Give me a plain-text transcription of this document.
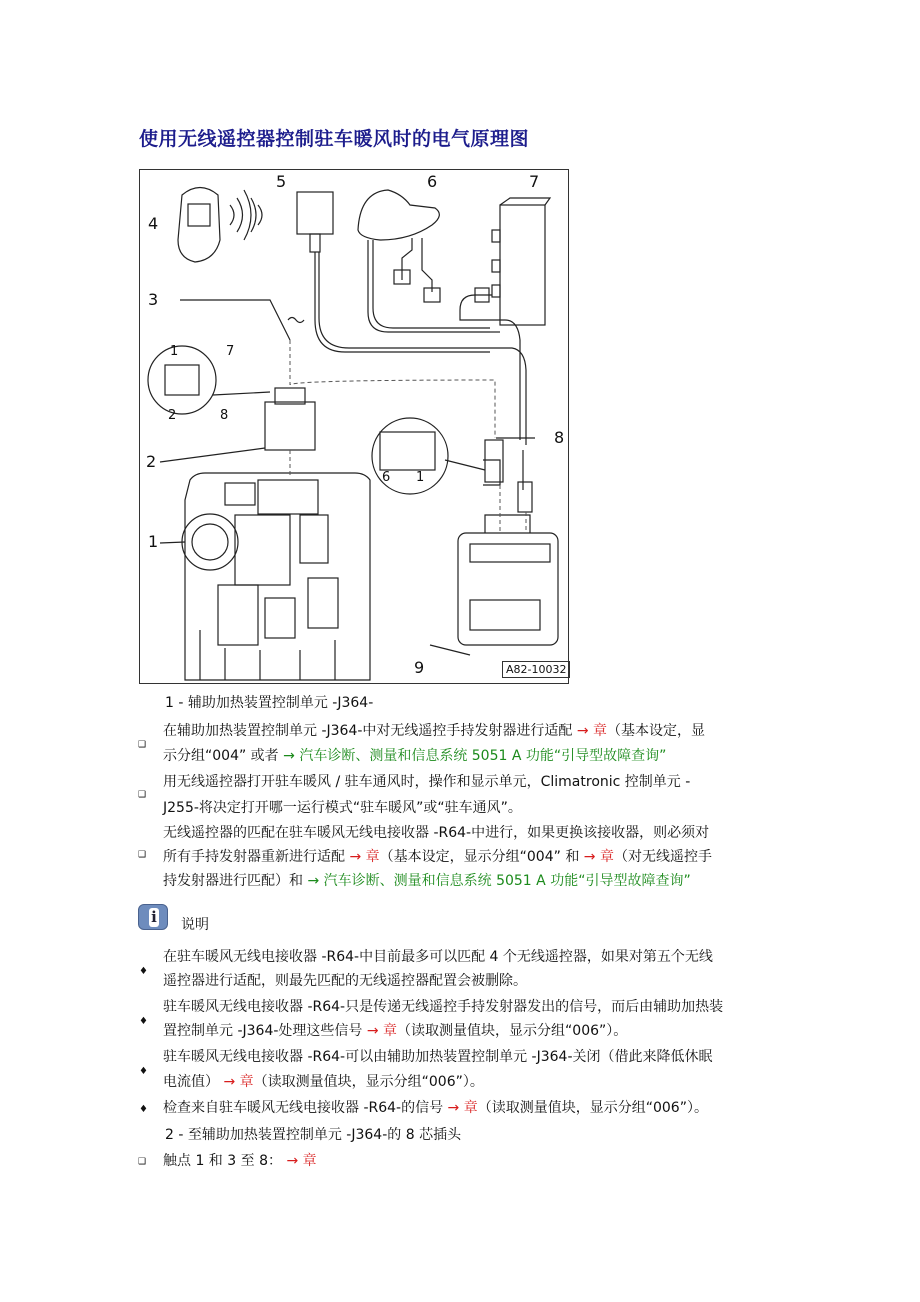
使用无线遥控器控制驻车暖风时的电气原理图
4
5	6	7
3
2
1
8
9
1	7
2	8
6 1
A82-10032
1 - 辅助加热装置控制单元 -J364-
❑
在辅助加热装置控制单元 -J364-中对无线遥控手持发射器进行适配 → 章（基本设定，显
示分组“004” 或者 → 汽车诊断、测量和信息系统 5051 A 功能“引导型故障查询”
❑
用无线遥控器打开驻车暖风 / 驻车通风时，操作和显示单元，Climatronic 控制单元 -
J255-将决定打开哪一运行模式“驻车暖风”或“驻车通风”。
❑
无线遥控器的匹配在驻车暖风无线电接收器 -R64-中进行，如果更换该接收器，则必须对
所有手持发射器重新进行适配 → 章（基本设定，显示分组“004” 和 → 章（对无线遥控手
持发射器进行匹配）和 → 汽车诊断、测量和信息系统 5051 A 功能“引导型故障查询”
i 说明
♦
在驻车暖风无线电接收器 -R64-中目前最多可以匹配 4 个无线遥控器，如果对第五个无线
遥控器进行适配，则最先匹配的无线遥控器配置会被删除。
♦
驻车暖风无线电接收器 -R64-只是传递无线遥控手持发射器发出的信号，而后由辅助加热装
置控制单元 -J364-处理这些信号 → 章（读取测量值块，显示分组“006”）。
♦
驻车暖风无线电接收器 -R64-可以由辅助加热装置控制单元 -J364-关闭（借此来降低休眠
电流值） → 章（读取测量值块，显示分组“006”）。
♦ 检查来自驻车暖风无线电接收器 -R64-的信号 → 章（读取测量值块，显示分组“006”）。
2 - 至辅助加热装置控制单元 -J364-的 8 芯插头
❑ 触点 1 和 3 至 8： → 章
